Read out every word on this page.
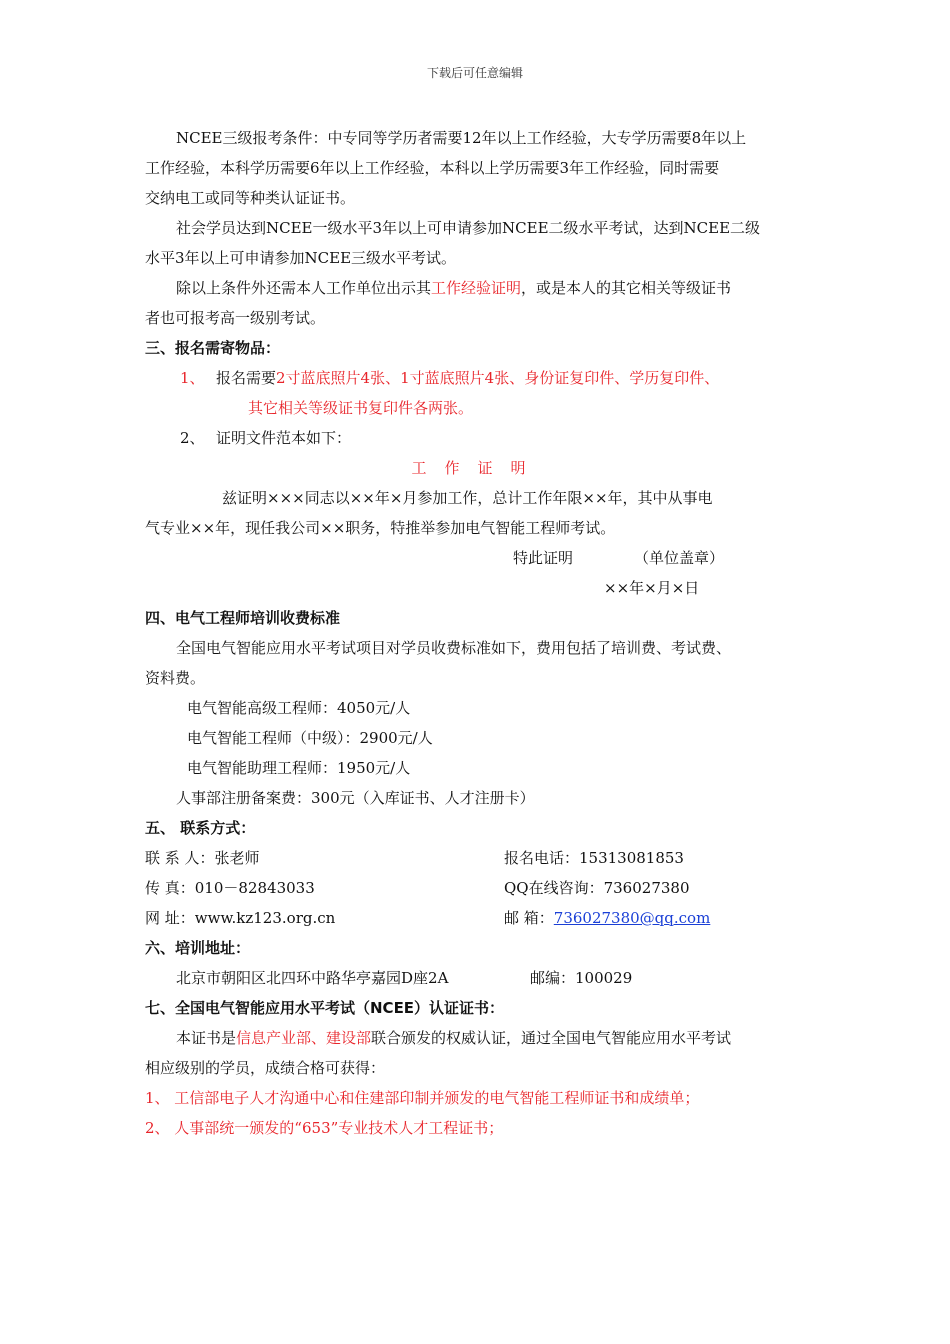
下载后可任意编辑
NCEE三级报考条件：中专同等学历者需要12年以上工作经验，大专学历需要8年以上
工作经验，本科学历需要6年以上工作经验，本科以上学历需要3年工作经验，同时需要
交纳电工或同等种类认证证书。
社会学员达到NCEE一级水平3年以上可申请参加NCEE二级水平考试，达到NCEE二级
水平3年以上可申请参加NCEE三级水平考试。
除以上条件外还需本人工作单位出示其工作经验证明，或是本人的其它相关等级证书
者也可报考高一级别考试。
三、报名需寄物品：
1、 报名需要2寸蓝底照片4张、1寸蓝底照片4张、身份证复印件、学历复印件、
其它相关等级证书复印件各两张。
2、 证明文件范本如下：
工作证明
兹证明×××同志以××年×月参加工作，总计工作年限××年，其中从事电
气专业××年，现任我公司××职务，特推举参加电气智能工程师考试。
特此证明	（单位盖章）
××年×月×日
四、电气工程师培训收费标准
全国电气智能应用水平考试项目对学员收费标准如下，费用包括了培训费、考试费、
资料费。
电气智能高级工程师：4050元/人
电气智能工程师（中级）：2900元/人
电气智能助理工程师：1950元/人
人事部注册备案费：300元（入库证书、人才注册卡）
五、 联系方式：
联 系 人：张老师	报名电话：15313081853
传 真：010－82843033	QQ在线咨询：736027380
网 址：www.kz123.org.cn	邮 箱：736027380@qq.com
六、培训地址：
北京市朝阳区北四环中路华亭嘉园D座2A	邮编：100029
七、全国电气智能应用水平考试（NCEE）认证证书：
本证书是信息产业部、建设部联合颁发的权威认证，通过全国电气智能应用水平考试
相应级别的学员，成绩合格可获得：
1、 工信部电子人才沟通中心和住建部印制并颁发的电气智能工程师证书和成绩单；
2、 人事部统一颁发的“653”专业技术人才工程证书；
